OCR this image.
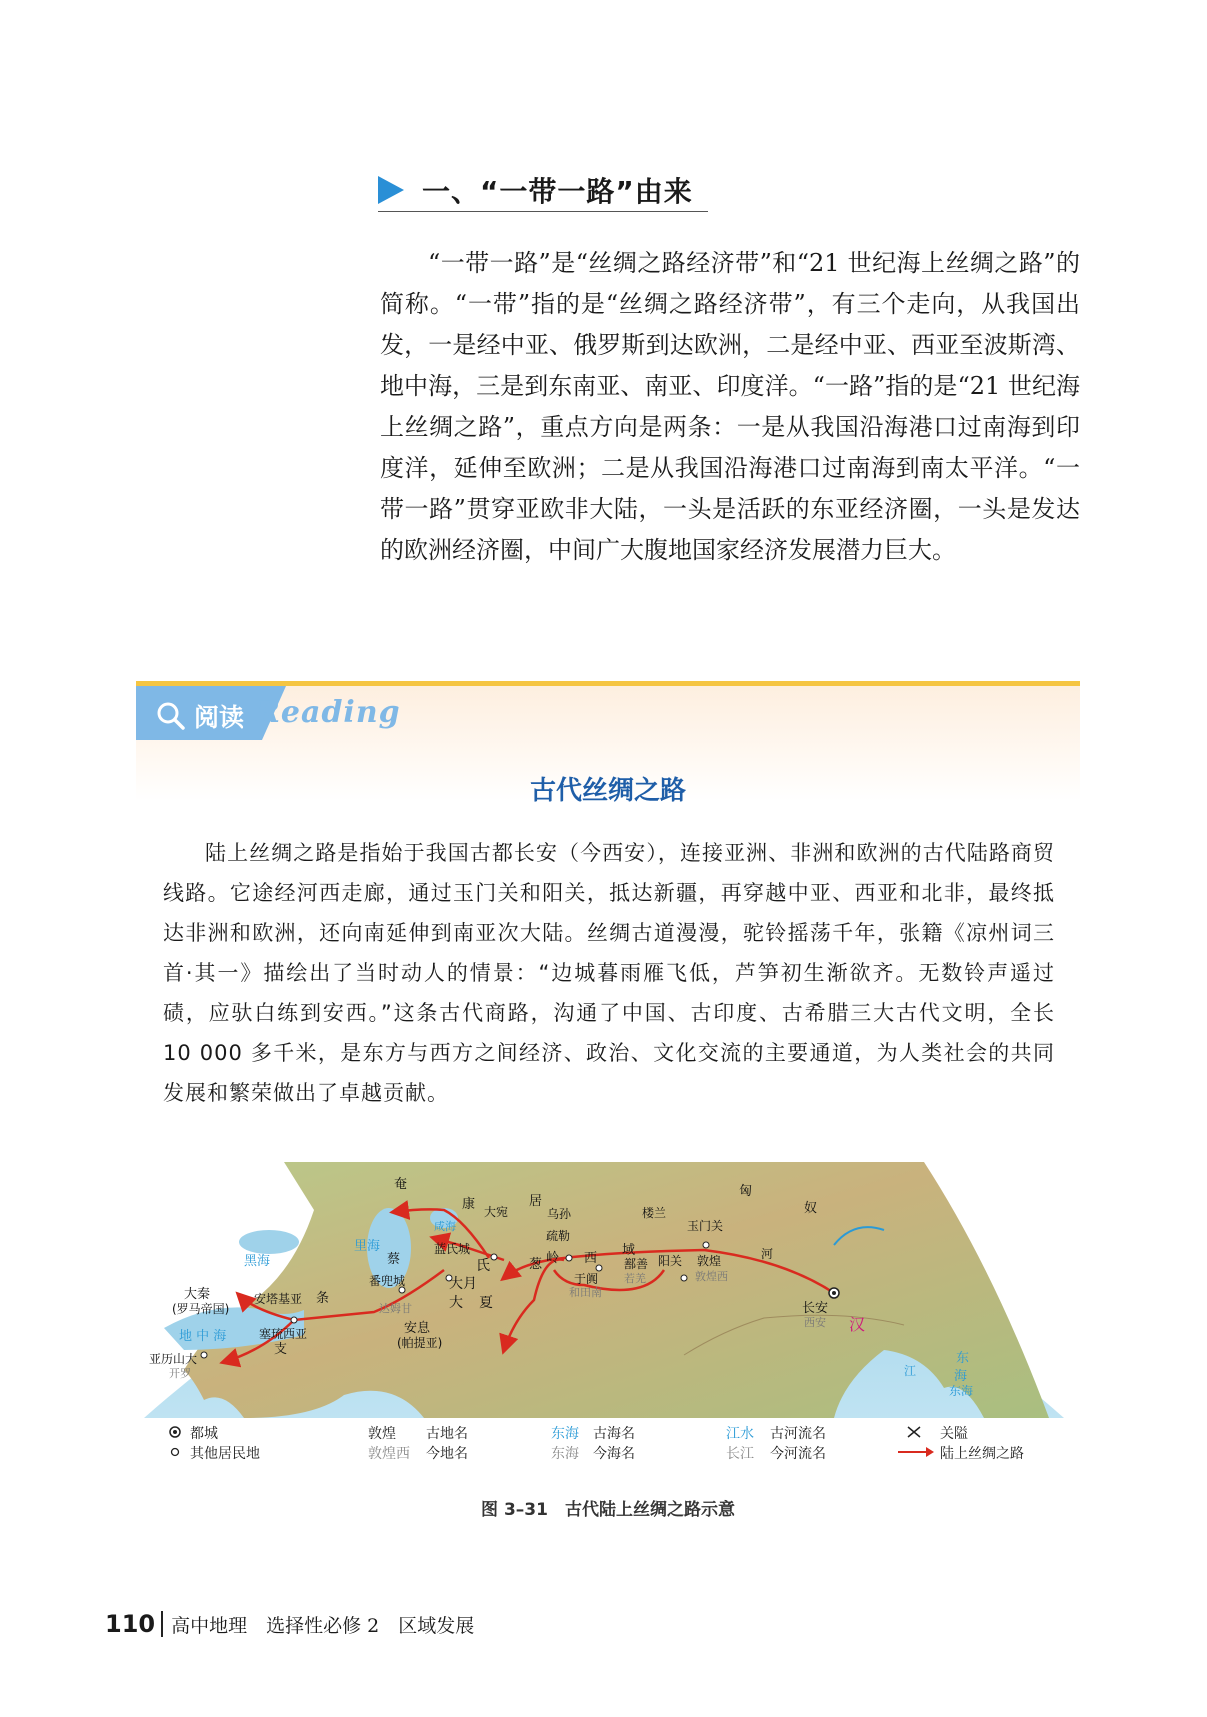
一、“一带一路”由来

“一带一路”是“丝绸之路经济带”和“21 世纪海上丝绸之路”的简称。“一带”指的是“丝绸之路经济带”，有三个走向，从我国出发，一是经中亚、俄罗斯到达欧洲，二是经中亚、西亚至波斯湾、地中海，三是到东南亚、南亚、印度洋。“一路”指的是“21 世纪海上丝绸之路”，重点方向是两条：一是从我国沿海港口过南海到印度洋，延伸至欧洲；二是从我国沿海港口过南海到南太平洋。“一带一路”贯穿亚欧非大陆，一头是活跃的东亚经济圈，一头是发达的欧洲经济圈，中间广大腹地国家经济发展潜力巨大。

阅读 Reading
古代丝绸之路

陆上丝绸之路是指始于我国古都长安（今西安），连接亚洲、非洲和欧洲的古代陆路商贸线路。它途经河西走廊，通过玉门关和阳关，抵达新疆，再穿越中亚、西亚和北非，最终抵达非洲和欧洲，还向南延伸到南亚次大陆。丝绸古道漫漫，驼铃摇荡千年，张籍《凉州词三首·其一》描绘出了当时动人的情景：“边城暮雨雁飞低，芦笋初生渐欲齐。无数铃声遥过碛，应驮白练到安西。”这条古代商路，沟通了中国、古印度、古希腊三大古代文明，全长 10 000 多千米，是东方与西方之间经济、政治、文化交流的主要通道，为人类社会的共同发展和繁荣做出了卓越贡献。

奄
康	居
匈
奴
蔡
大宛	乌孙	楼兰
玉门关
河
西
域
岭
葱
蓝氏城
疏勒
阳关 敦煌
敦煌西
鄯善
若羌
于阗
和田南
咸海
里海
黑海
大月
氏
夏
大
番兜城
安息
(帕提亚)
大秦
(罗马帝国)
安塔基亚 条
塞琉西亚
支
地 中 海
亚历山大
开罗
长安
西安 汉
海
东海
东
江
达姆甘
都城
其他居民地
敦煌 古地名
敦煌西 今地名
东海 古海名
东海 今海名
江水 古河流名
长江 今河流名
关隘
陆上丝绸之路
图 3–31　古代陆上丝绸之路示意
110 高中地理　选择性必修 2　区域发展
